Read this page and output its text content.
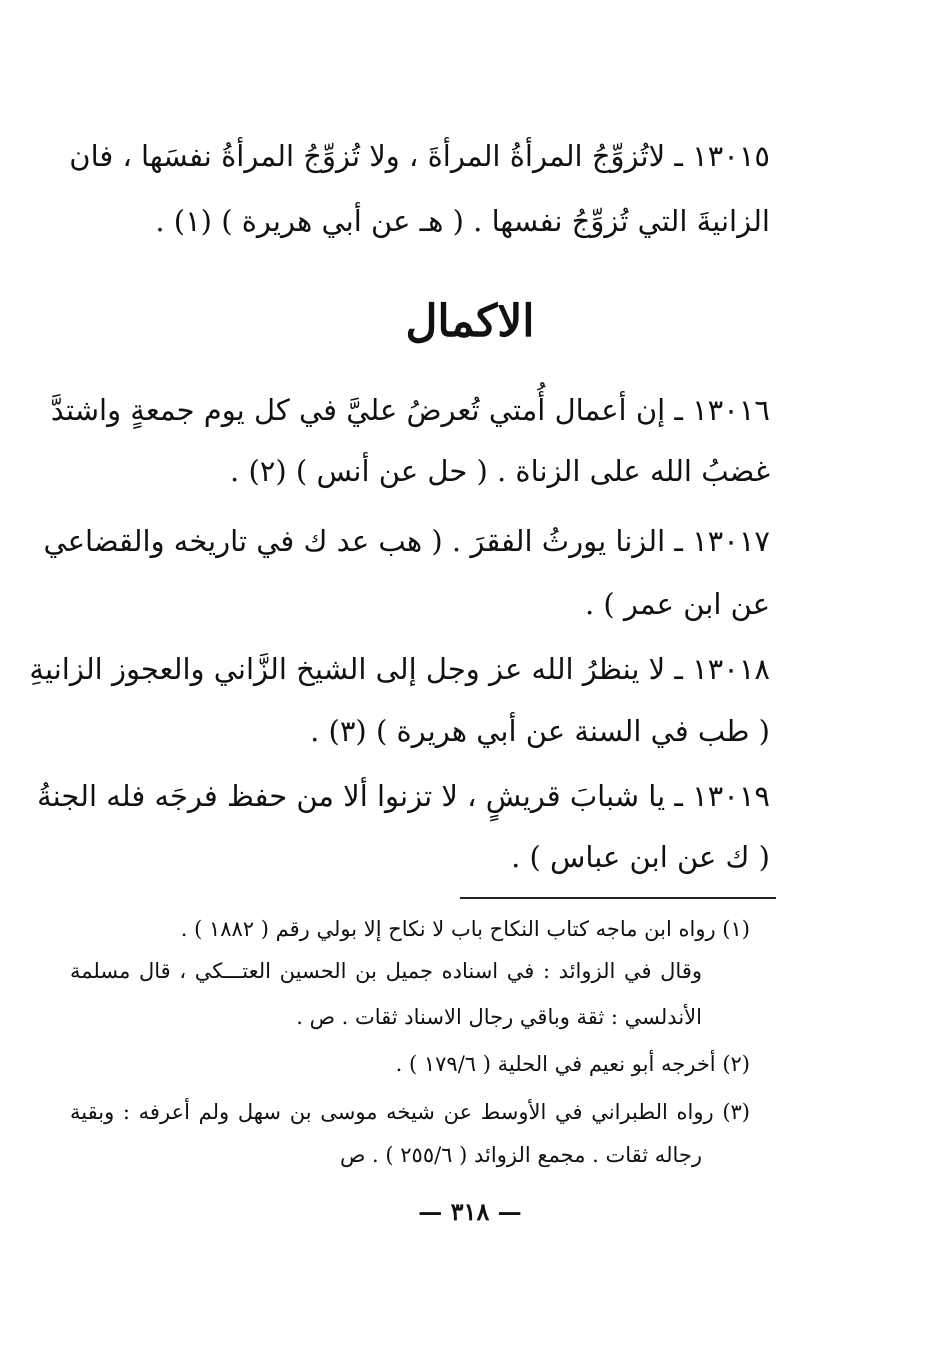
١٣٠١٥ ـ لاتُزوِّجُ المرأةُ المرأةَ ، ولا تُزوِّجُ المرأةُ نفسَها ، فان
الزانيةَ التي تُزوِّجُ نفسها . ( هـ عن أبي هريرة ) (١) .
الاكمال
١٣٠١٦ ـ إن أعمال أُمتي تُعرضُ عليَّ في كل يوم جمعةٍ واشتدَّ
غضبُ الله على الزناة . ( حل عن أنس ) (٢) .
١٣٠١٧ ـ الزنا يورثُ الفقرَ . ( هب عد ك في تاريخه والقضاعي
عن ابن عمر ) .
١٣٠١٨ ـ لا ينظرُ الله عز وجل إلى الشيخ الزَّاني والعجوز الزانيةِ
( طب في السنة عن أبي هريرة ) (٣) .
١٣٠١٩ ـ يا شبابَ قريشٍ ، لا تزنوا ألا من حفظ فرجَه فله الجنةُ
( ك عن ابن عباس ) .
(١) رواه ابن ماجه كتاب النكاح باب لا نكاح إلا بولي رقم ( ١٨٨٢ ) .
وقال في الزوائد : في اسناده جميل بن الحسين العتـــكي ، قال مسلمة
الأندلسي : ثقة وباقي رجال الاسناد ثقات . ص .
(٢) أخرجه أبو نعيم في الحلية ( ١٧٩/٦ ) .
(٣) رواه الطبراني في الأوسط عن شيخه موسى بن سهل ولم أعرفه : وبقية
رجاله ثقات . مجمع الزوائد ( ٢٥٥/٦ ) . ص
— ٣١٨ —
